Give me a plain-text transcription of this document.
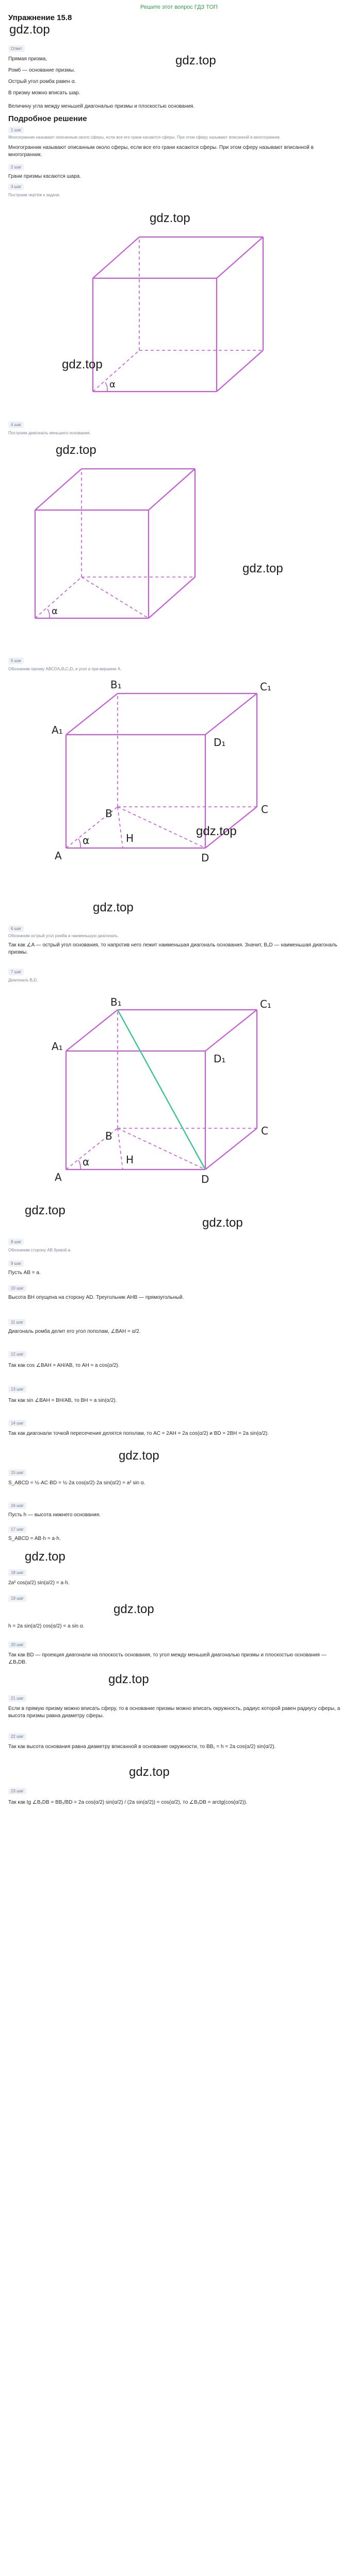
Решите этот вопрос ГДЗ ТОП
Упражнение 15.8
gdz.top
Ответ
Прямая призма,
Ромб — основание призмы.
gdz.top
Острый угол ромба равен α.
В призму можно вписать шар.
Величину угла между меньшей диагональю призмы и плоскостью основания.
Подробное решение
1 шаг
Многогранник называют описанным около сферы, если все его грани касаются сферы. При этом сферу называют вписанной в многогранник.
Многогранник называют описанным около сферы, если все его грани касаются сферы. При этом сферу называют вписанной в многогранник.
2 шаг
Грани призмы касаются шара.
3 шаг
Построим чертёж к задаче.
gdz.top
α
gdz.top
4 шаг
Построим диагональ меньшего основания.
gdz.top
α
gdz.top
5 шаг
Обозначим призму ABCDA₁B₁C₁D₁ и угол α при вершине A.
α
A
B₁
A₁
C₁
D₁
B	C
D
H	gdz.top
gdz.top
6 шаг
Обозначим острый угол ромба и наименьшую диагональ.
Так как ∠A — острый угол основания, то напротив него лежит наименьшая диагональ основания. Значит, B₁D — наименьшая диагональ призмы.
7 шаг
Диагональ B₁D.
α
A
B₁
A₁
C₁
D₁
B	C
D
H
gdz.top
gdz.top
8 шаг
Обозначим сторону AB буквой a.
9 шаг
Пусть AB = a.
10 шаг
Высота BH опущена на сторону AD. Треугольник AHB — прямоугольный.
11 шаг
Диагональ ромба делит его угол пополам, ∠BAH = α/2.
12 шаг
Так как cos ∠BAH = AH/AB, то AH = a cos(α/2).
13 шаг
Так как sin ∠BAH = BH/AB, то BH = a sin(α/2).
14 шаг
Так как диагонали точкой пересечения делятся пополам, то AC = 2AH = 2a cos(α/2) и BD = 2BH = 2a sin(α/2).
gdz.top
15 шаг
S_ABCD = ½·AC·BD = ½·2a cos(α/2)·2a sin(α/2) = a² sin α.
16 шаг
Пусть h — высота нижнего основания.
17 шаг
S_ABCD = AB·h = a·h.
gdz.top
18 шаг
2a² cos(α/2) sin(α/2) = a·h.
19 шаг
gdz.top
h = 2a sin(α/2) cos(α/2) = a sin α.
20 шаг
Так как BD — проекция диагонали на плоскость основания, то угол между меньшей диагональю призмы и плоскостью основания — ∠B₁DB.
gdz.top
21 шаг
Если в прямую призму можно вписать сферу, то в основание призмы можно вписать окружность, радиус которой равен радиусу сферы, а высота призмы равна диаметру сферы.
22 шаг
Так как высота основания равна диаметру вписанной в основание окружности, то BB₁ = h = 2a cos(α/2) sin(α/2).
gdz.top
23 шаг
Так как tg ∠B₁DB = BB₁/BD = 2a cos(α/2) sin(α/2) / (2a sin(α/2)) = cos(α/2), то ∠B₁DB = arctg(cos(α/2)).
